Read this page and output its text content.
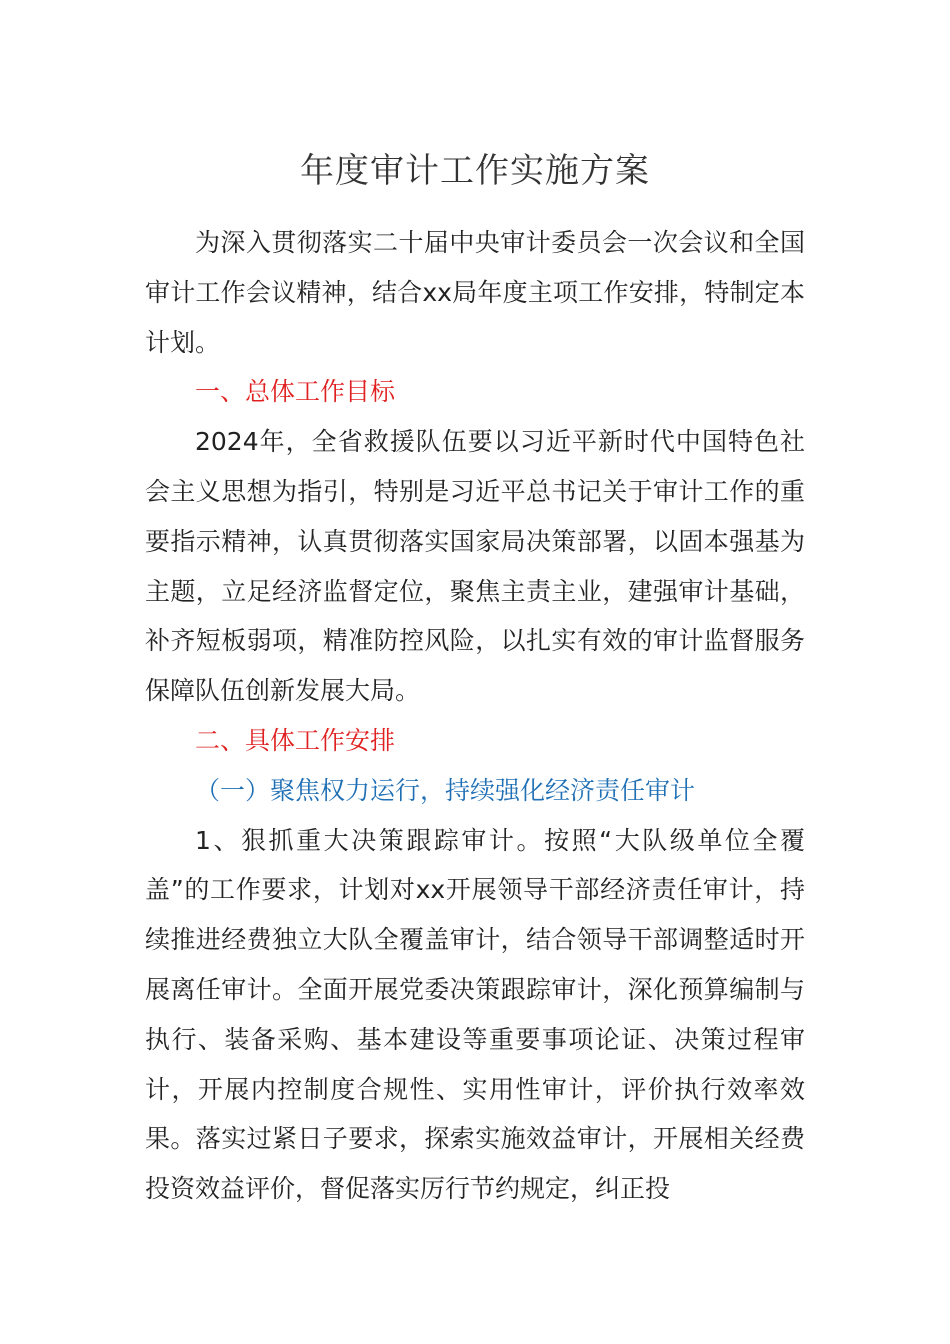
年度审计工作实施方案

为深入贯彻落实二十届中央审计委员会一次会议和全国审计工作会议精神，结合xx局年度主项工作安排，特制定本计划。

一、总体工作目标

2024年，全省救援队伍要以习近平新时代中国特色社会主义思想为指引，特别是习近平总书记关于审计工作的重要指示精神，认真贯彻落实国家局决策部署，以固本强基为主题，立足经济监督定位，聚焦主责主业，建强审计基础，补齐短板弱项，精准防控风险，以扎实有效的审计监督服务保障队伍创新发展大局。

二、具体工作安排

（一）聚焦权力运行，持续强化经济责任审计

1、狠抓重大决策跟踪审计。按照“大队级单位全覆盖”的工作要求，计划对xx开展领导干部经济责任审计，持续推进经费独立大队全覆盖审计，结合领导干部调整适时开展离任审计。全面开展党委决策跟踪审计，深化预算编制与执行、装备采购、基本建设等重要事项论证、决策过程审计，开展内控制度合规性、实用性审计，评价执行效率效果。落实过紧日子要求，探索实施效益审计，开展相关经费投资效益评价，督促落实厉行节约规定，纠正投
